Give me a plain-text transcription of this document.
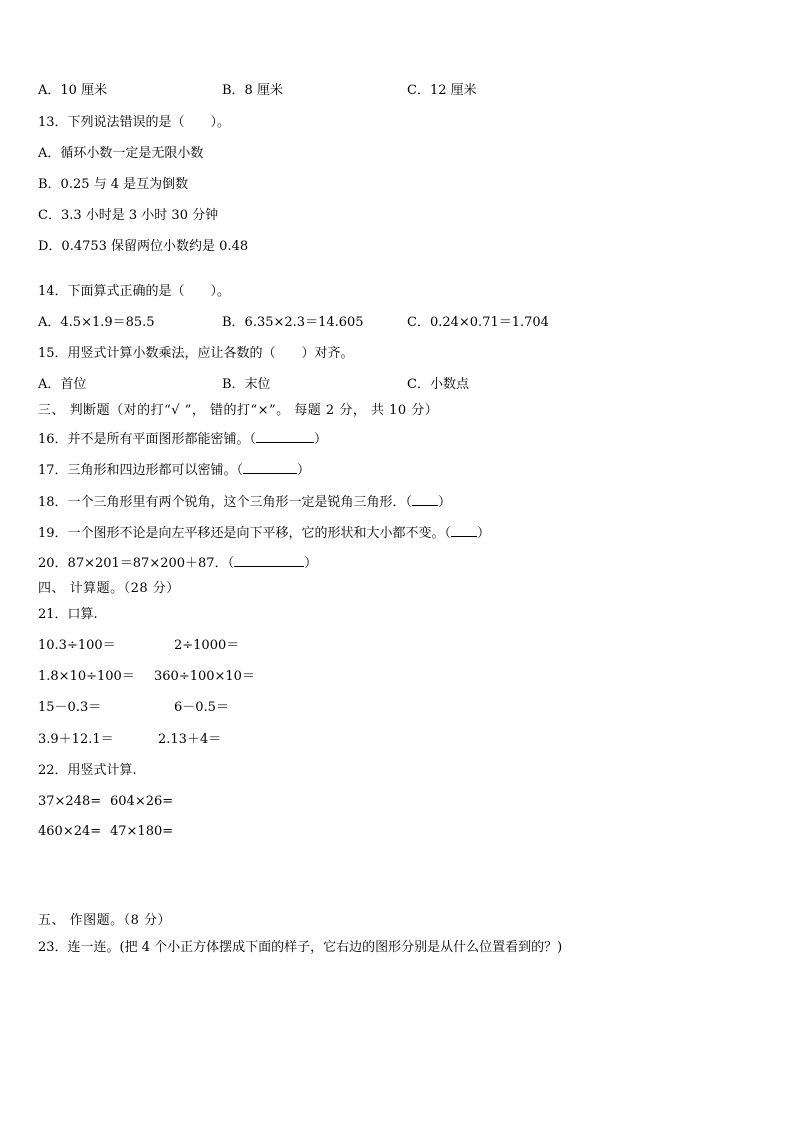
A．10 厘米	B．8 厘米	C．12 厘米
13．下列说法错误的是（　　）。
A．循环小数一定是无限小数
B．0.25 与 4 是互为倒数
C．3.3 小时是 3 小时 30 分钟
D．0.4753 保留两位小数约是 0.48
14．下面算式正确的是（　　）。
A．4.5×1.9＝85.5	B．6.35×2.3＝14.605	C．0.24×0.71＝1.704
15．用竖式计算小数乘法，应让各数的（　　）对齐。
A．首位	B．末位	C．小数点
三、 判断题（对的打“√ ”， 错的打“×”。 每题 2 分， 共 10 分）
16．并不是所有平面图形都能密铺。（	）
17．三角形和四边形都可以密铺。（	）
18．一个三角形里有两个锐角，这个三角形一定是锐角三角形．（ ）
19．一个图形不论是向左平移还是向下平移，它的形状和大小都不变。（ ）
20．87×201＝87×200＋87．（	）
四、 计算题。（28 分）
21．口算.
10.3÷100＝	2÷1000＝
1.8×10÷100＝ 360÷100×10＝
15－0.3＝	6－0.5＝
3.9＋12.1＝	2.13＋4＝
22．用竖式计算.
37×248= 604×26=
460×24= 47×180=
五、 作图题。（8 分）
23．连一连。(把 4 个小正方体摆成下面的样子，它右边的图形分别是从什么位置看到的？)
